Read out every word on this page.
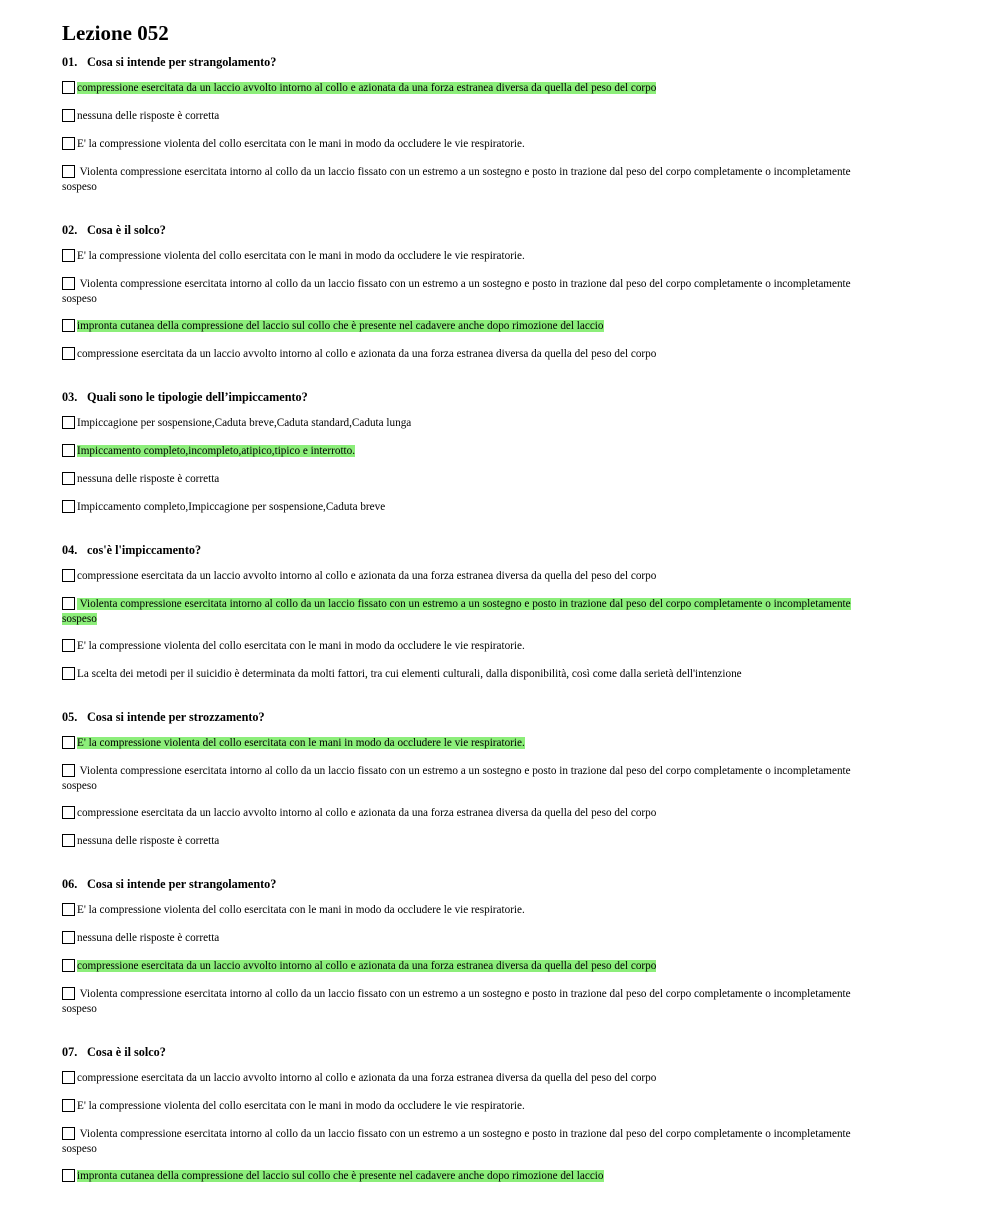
Lezione 052
01. Cosa si intende per strangolamento?
compressione esercitata da un laccio avvolto intorno al collo e azionata da una forza estranea diversa da quella del peso del corpo
nessuna delle risposte è corretta
E' la compressione violenta del collo esercitata con le mani in modo da occludere le vie respiratorie.
Violenta compressione esercitata intorno al collo da un laccio fissato con un estremo a un sostegno e posto in trazione dal peso del corpo completamente o incompletamente sospeso
02. Cosa è il solco?
E' la compressione violenta del collo esercitata con le mani in modo da occludere le vie respiratorie.
Violenta compressione esercitata intorno al collo da un laccio fissato con un estremo a un sostegno e posto in trazione dal peso del corpo completamente o incompletamente sospeso
impronta cutanea della compressione del laccio sul collo che è presente nel cadavere anche dopo rimozione del laccio
compressione esercitata da un laccio avvolto intorno al collo e azionata da una forza estranea diversa da quella del peso del corpo
03. Quali sono le tipologie dell’impiccamento?
Impiccagione per sospensione,Caduta breve,Caduta standard,Caduta lunga
Impiccamento completo,incompleto,atipico,tipico e interrotto.
nessuna delle risposte è corretta
Impiccamento completo,Impiccagione per sospensione,Caduta breve
04. cos'è l'impiccamento?
compressione esercitata da un laccio avvolto intorno al collo e azionata da una forza estranea diversa da quella del peso del corpo
Violenta compressione esercitata intorno al collo da un laccio fissato con un estremo a un sostegno e posto in trazione dal peso del corpo completamente o incompletamente sospeso
E' la compressione violenta del collo esercitata con le mani in modo da occludere le vie respiratorie.
La scelta dei metodi per il suicidio è determinata da molti fattori, tra cui elementi culturali, dalla disponibilità, così come dalla serietà dell'intenzione
05. Cosa si intende per strozzamento?
E' la compressione violenta del collo esercitata con le mani in modo da occludere le vie respiratorie.
Violenta compressione esercitata intorno al collo da un laccio fissato con un estremo a un sostegno e posto in trazione dal peso del corpo completamente o incompletamente sospeso
compressione esercitata da un laccio avvolto intorno al collo e azionata da una forza estranea diversa da quella del peso del corpo
nessuna delle risposte è corretta
06. Cosa si intende per strangolamento?
E' la compressione violenta del collo esercitata con le mani in modo da occludere le vie respiratorie.
nessuna delle risposte è corretta
compressione esercitata da un laccio avvolto intorno al collo e azionata da una forza estranea diversa da quella del peso del corpo
Violenta compressione esercitata intorno al collo da un laccio fissato con un estremo a un sostegno e posto in trazione dal peso del corpo completamente o incompletamente sospeso
07. Cosa è il solco?
compressione esercitata da un laccio avvolto intorno al collo e azionata da una forza estranea diversa da quella del peso del corpo
E' la compressione violenta del collo esercitata con le mani in modo da occludere le vie respiratorie.
Violenta compressione esercitata intorno al collo da un laccio fissato con un estremo a un sostegno e posto in trazione dal peso del corpo completamente o incompletamente sospeso
impronta cutanea della compressione del laccio sul collo che è presente nel cadavere anche dopo rimozione del laccio
